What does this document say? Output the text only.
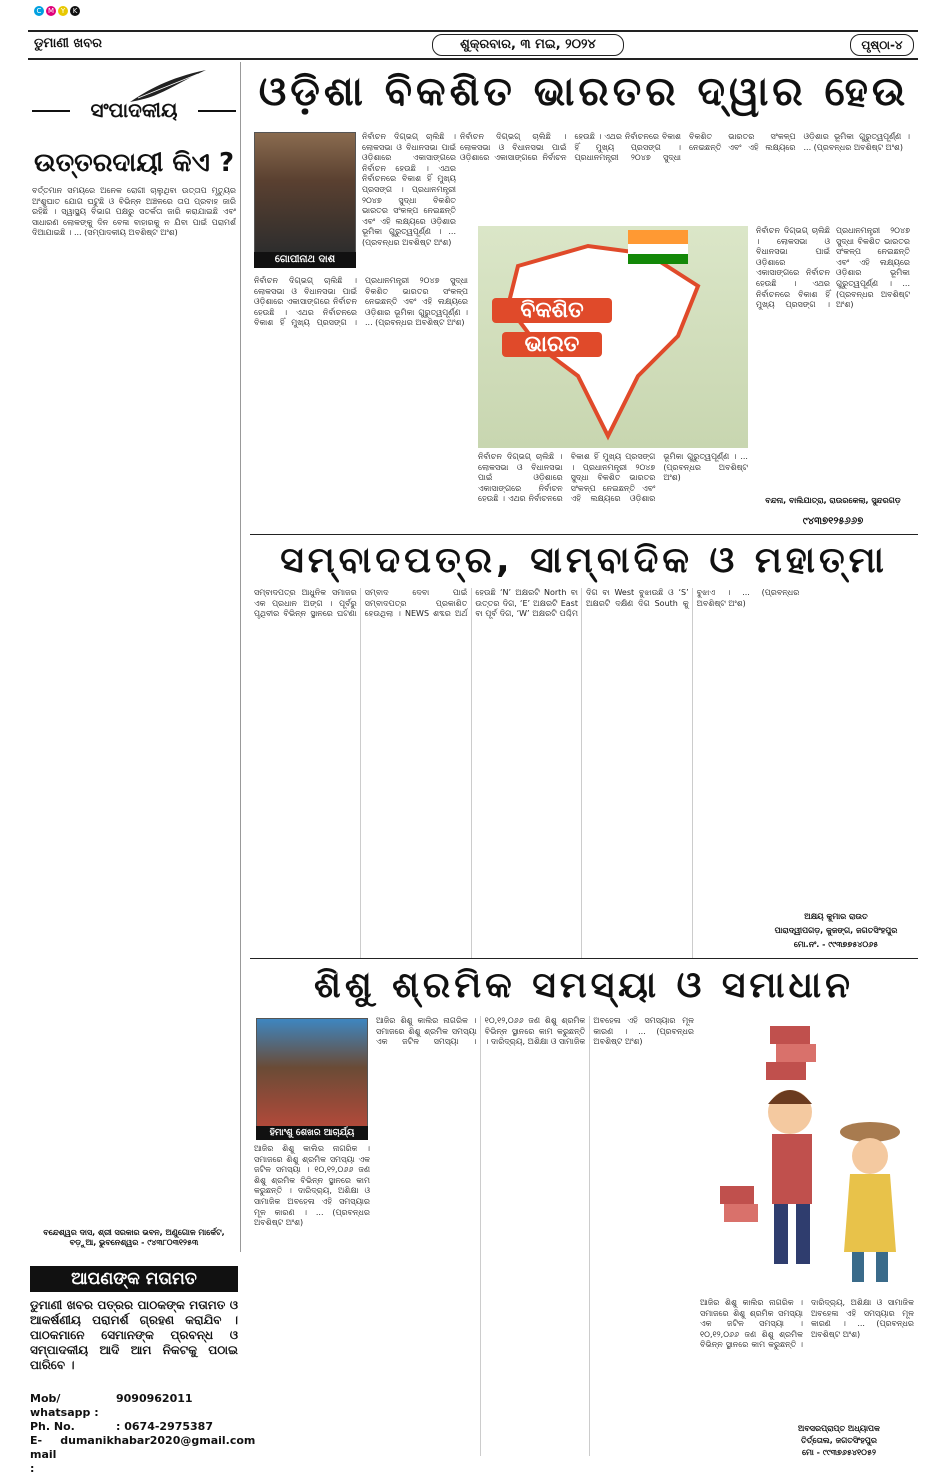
C M Y	K
ଡୁମାଣୀ ଖବର	ଶୁକ୍ରବାର, ୩ ମଇ, ୨୦୨୪	ପୃଷ୍ଠା-୪
ସଂପାଦକୀୟ
ଉତ୍ତରଦାୟୀ କିଏ ?
ବର୍ତ୍ତମାନ ସମୟରେ ଅନେକ ରୋଗୀ ଚାଲୁଥିବା ଉତ୍ତାପ ମୃତ୍ୟୁର ଅଂଶୁଘାତ ଯୋଗ ଘଟୁଛି ଓ ବିଭିନ୍ନ ଅଞ୍ଚଳରେ ତାପ ପ୍ରବାହ ଜାରି ରହିଛି । ସ୍ୱାସ୍ଥ୍ୟ ବିଭାଗ ପକ୍ଷରୁ ସତର୍କତା ଜାରି କରାଯାଇଛି ଏବଂ ସାଧାରଣ ଲୋକଙ୍କୁ ଦିନ ବେଳା ବାହାରକୁ ନ ଯିବା ପାଇଁ ପରାମର୍ଶ ଦିଆଯାଇଛି । ... (ସମ୍ପାଦକୀୟ ଅବଶିଷ୍ଟ ଅଂଶ)
ବନ୍ଦେଶ୍ୱର ଦାସ, ଶ୍ରୀ ସରକାର ଭବନ, ଅଣୁଗୋଳ ମାର୍କେଟ, ବଡ଼ୁଆ, ଭୁବନେଶ୍ୱର - ୯୪୩୮୦୩୧୨୫୩
ଆପଣଙ୍କ ମତାମତ
ଡୁମାଣୀ ଖବର ପତ୍ରର ପାଠକଙ୍କ ମତାମତ ଓ ଆକର୍ଷଣୀୟ ପରାମର୍ଶ ଗ୍ରହଣ କରାଯିବ । ପାଠକମାନେ ସେମାନଙ୍କ ପ୍ରବନ୍ଧ ଓ ସମ୍ପାଦକୀୟ ଆଦି ଆମ ନିକଟକୁ ପଠାଇ ପାରିବେ ।
Mob/ whatsapp :
9090962011
Ph. No.	: 0674-2975387
E-mail :

dumanikhabar2020@gmail.com
ଓଡ଼ିଶା ବିକଶିତ ଭାରତର ଦ୍ୱାର ହେଉ
ଗୋପୀନାଥ ଦାଶ
ନିର୍ବାଚନ ଦିଗ୍ଭଗ୍ ଚାଲିଛି । ଲୋକସଭା ଓ ବିଧାନସଭା ପାଇଁ ଓଡ଼ିଶାରେ ଏକାସାଙ୍ଗରେ ନିର୍ବାଚନ ହେଉଛି । ଏଥର ନିର୍ବାଚନରେ ବିକାଶ ହିଁ ମୁଖ୍ୟ ପ୍ରସଙ୍ଗ । ପ୍ରଧାନମନ୍ତ୍ରୀ ୨୦୪୭ ସୁଦ୍ଧା ବିକଶିତ ଭାରତର ସଂକଳ୍ପ ନେଇଛନ୍ତି ଏବଂ ଏହି ଲକ୍ଷ୍ୟରେ ଓଡ଼ିଶାର ଭୂମିକା ଗୁରୁତ୍ୱପୂର୍ଣ୍ଣ । ... (ପ୍ରବନ୍ଧର ଅବଶିଷ୍ଟ ଅଂଶ)
ନିର୍ବାଚନ ଦିଗ୍ଭଗ୍ ଚାଲିଛି । ଲୋକସଭା ଓ ବିଧାନସଭା ପାଇଁ ଓଡ଼ିଶାରେ ଏକାସାଙ୍ଗରେ ନିର୍ବାଚନ ହେଉଛି । ଏଥର ନିର୍ବାଚନରେ ବିକାଶ ହିଁ ମୁଖ୍ୟ ପ୍ରସଙ୍ଗ । ପ୍ରଧାନମନ୍ତ୍ରୀ ୨୦୪୭ ସୁଦ୍ଧା ବିକଶିତ ଭାରତର ସଂକଳ୍ପ ନେଇଛନ୍ତି ଏବଂ ଏହି ଲକ୍ଷ୍ୟରେ ଓଡ଼ିଶାର ଭୂମିକା ଗୁରୁତ୍ୱପୂର୍ଣ୍ଣ । ... (ପ୍ରବନ୍ଧର ଅବଶିଷ୍ଟ ଅଂଶ)
ବିକଶିତ
ଭାରତ
ନିର୍ବାଚନ ଦିଗ୍ଭଗ୍ ଚାଲିଛି । ଲୋକସଭା ଓ ବିଧାନସଭା ପାଇଁ ଓଡ଼ିଶାରେ ଏକାସାଙ୍ଗରେ ନିର୍ବାଚନ ହେଉଛି । ଏଥର ନିର୍ବାଚନରେ ବିକାଶ ହିଁ ମୁଖ୍ୟ ପ୍ରସଙ୍ଗ । ପ୍ରଧାନମନ୍ତ୍ରୀ ୨୦୪୭ ସୁଦ୍ଧା ବିକଶିତ ଭାରତର ସଂକଳ୍ପ ନେଇଛନ୍ତି ଏବଂ ଏହି ଲକ୍ଷ୍ୟରେ ଓଡ଼ିଶାର ଭୂମିକା ଗୁରୁତ୍ୱପୂର୍ଣ୍ଣ । ... (ପ୍ରବନ୍ଧର ଅବଶିଷ୍ଟ ଅଂଶ)
ନିର୍ବାଚନ ଦିଗ୍ଭଗ୍ ଚାଲିଛି । ଲୋକସଭା ଓ ବିଧାନସଭା ପାଇଁ ଓଡ଼ିଶାରେ ଏକାସାଙ୍ଗରେ ନିର୍ବାଚନ ହେଉଛି । ଏଥର ନିର୍ବାଚନରେ ବିକାଶ ହିଁ ମୁଖ୍ୟ ପ୍ରସଙ୍ଗ । ପ୍ରଧାନମନ୍ତ୍ରୀ ୨୦୪୭ ସୁଦ୍ଧା ବିକଶିତ ଭାରତର ସଂକଳ୍ପ ନେଇଛନ୍ତି ଏବଂ ଏହି ଲକ୍ଷ୍ୟରେ ଓଡ଼ିଶାର ଭୂମିକା ଗୁରୁତ୍ୱପୂର୍ଣ୍ଣ । ... (ପ୍ରବନ୍ଧର ଅବଶିଷ୍ଟ ଅଂଶ)
ନିର୍ବାଚନ ଦିଗ୍ଭଗ୍ ଚାଲିଛି । ଲୋକସଭା ଓ ବିଧାନସଭା ପାଇଁ ଓଡ଼ିଶାରେ ଏକାସାଙ୍ଗରେ ନିର୍ବାଚନ ହେଉଛି । ଏଥର ନିର୍ବାଚନରେ ବିକାଶ ହିଁ ମୁଖ୍ୟ ପ୍ରସଙ୍ଗ । ପ୍ରଧାନମନ୍ତ୍ରୀ ୨୦୪୭ ସୁଦ୍ଧା ବିକଶିତ ଭାରତର ସଂକଳ୍ପ ନେଇଛନ୍ତି ଏବଂ ଏହି ଲକ୍ଷ୍ୟରେ ଓଡ଼ିଶାର ଭୂମିକା ଗୁରୁତ୍ୱପୂର୍ଣ୍ଣ । ... (ପ୍ରବନ୍ଧର ଅବଶିଷ୍ଟ ଅଂଶ)
ବନ୍ଦନା, ବାଲିଯାତ୍ରା, ରାଉରକେଲା, ସୁନ୍ଦରଗଡ଼
୯୪୩୭୧୨୫୬୬୭
ସମ୍ବାଦପତ୍ର, ସାମ୍ବାଦିକ ଓ ମହାତ୍ମା
ସମ୍ବାଦପତ୍ର ଆଧୁନିକ ସମାଜର ଏକ ପ୍ରଧାନ ଅଙ୍ଗ । ପୂର୍ବରୁ ପୃଥିବୀର ବିଭିନ୍ନ ସ୍ଥାନରେ ଘଟଣା ସମ୍ବାଦ ଦେବା ପାଇଁ ସମ୍ବାଦପତ୍ର ପ୍ରକାଶିତ ହେଉଥିଲା । NEWS ଶବ୍ଦର ଅର୍ଥ ହେଉଛି ‘N’ ଅକ୍ଷରଟି North ବା ଉତ୍ତର ଦିଗ, ‘E’ ଅକ୍ଷରଟି East ବା ପୂର୍ବ ଦିଗ, ‘W’ ଅକ୍ଷରଟି ପଶ୍ଚିମ ଦିଗ ବା West ବୁଝାଉଛି ଓ ‘S’ ଅକ୍ଷରଟି ଦକ୍ଷିଣ ଦିଗ South କୁ ବୁଝାଏ । ... (ପ୍ରବନ୍ଧର ଅବଶିଷ୍ଟ ଅଂଶ)
ଅକ୍ଷୟ କୁମାର ରାଉତ
ପାରାଦ୍ୱୀପଗଡ଼, କୁଜଙ୍ଗ, ଜଗତସିଂହପୁର
ମୋ.ନଂ. - ୯୯୩୭୭୫୪୦୬୫
ଶିଶୁ ଶ୍ରମିକ ସମସ୍ୟା ଓ ସମାଧାନ
ହିମାଂଶୁ ଶେଖର ଆଚାର୍ଯ୍ୟ
ଆଜିର ଶିଶୁ କାଲିର ନାଗରିକ । ସମାଜରେ ଶିଶୁ ଶ୍ରମିକ ସମସ୍ୟା ଏକ ଜଟିଳ ସମସ୍ୟା । ୧୦,୧୨,୦୬୬ ଜଣ ଶିଶୁ ଶ୍ରମିକ ବିଭିନ୍ନ ସ୍ଥାନରେ କାମ କରୁଛନ୍ତି । ଦାରିଦ୍ର୍ୟ, ଅଶିକ୍ଷା ଓ ସାମାଜିକ ଅବହେଳା ଏହି ସମସ୍ୟାର ମୂଳ କାରଣ । ... (ପ୍ରବନ୍ଧର ଅବଶିଷ୍ଟ ଅଂଶ)
ଆଜିର ଶିଶୁ କାଲିର ନାଗରିକ । ସମାଜରେ ଶିଶୁ ଶ୍ରମିକ ସମସ୍ୟା ଏକ ଜଟିଳ ସମସ୍ୟା । ୧୦,୧୨,୦୬୬ ଜଣ ଶିଶୁ ଶ୍ରମିକ ବିଭିନ୍ନ ସ୍ଥାନରେ କାମ କରୁଛନ୍ତି । ଦାରିଦ୍ର୍ୟ, ଅଶିକ୍ଷା ଓ ସାମାଜିକ ଅବହେଳା ଏହି ସମସ୍ୟାର ମୂଳ କାରଣ । ... (ପ୍ରବନ୍ଧର ଅବଶିଷ୍ଟ ଅଂଶ)
ଆଜିର ଶିଶୁ କାଲିର ନାଗରିକ । ସମାଜରେ ଶିଶୁ ଶ୍ରମିକ ସମସ୍ୟା ଏକ ଜଟିଳ ସମସ୍ୟା । ୧୦,୧୨,୦୬୬ ଜଣ ଶିଶୁ ଶ୍ରମିକ ବିଭିନ୍ନ ସ୍ଥାନରେ କାମ କରୁଛନ୍ତି । ଦାରିଦ୍ର୍ୟ, ଅଶିକ୍ଷା ଓ ସାମାଜିକ ଅବହେଳା ଏହି ସମସ୍ୟାର ମୂଳ କାରଣ । ... (ପ୍ରବନ୍ଧର ଅବଶିଷ୍ଟ ଅଂଶ)
ଅବସରପ୍ରାପ୍ତ ଅଧ୍ୟାପକ
ତିର୍ତ୍ତୋଲ, ଜଗତସିଂହପୁର
ମୋ - ୯୯୩୭୬୫୪୧୦୫୨
